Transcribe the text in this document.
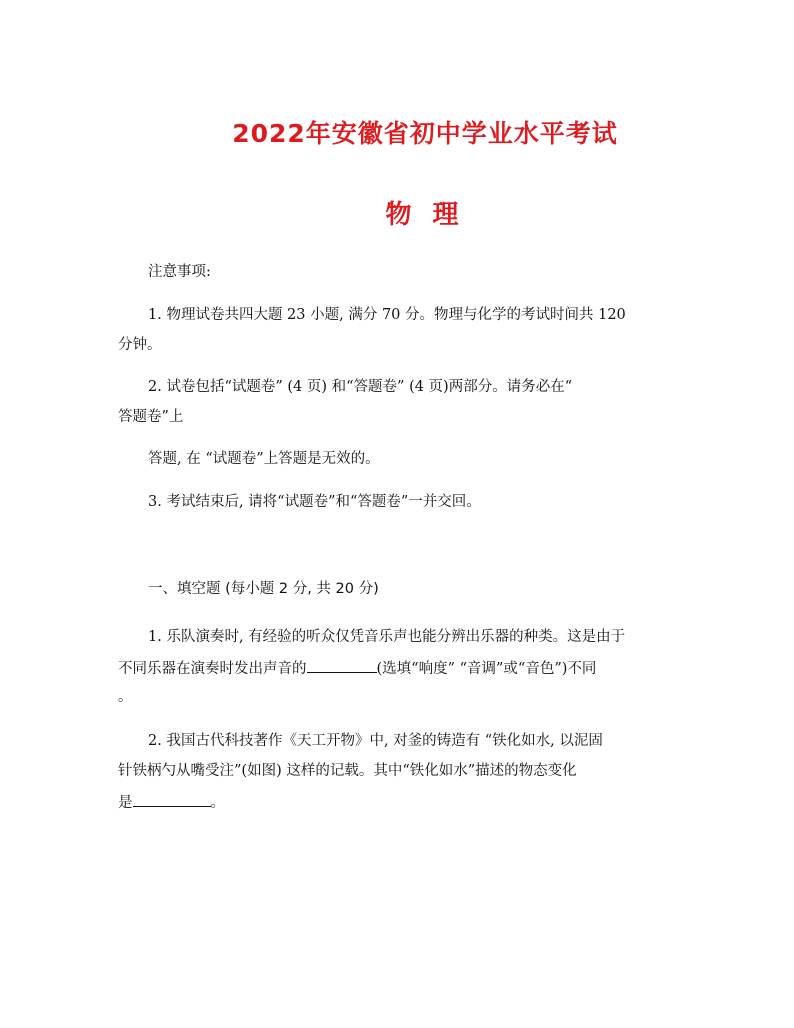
2022年安徽省初中学业水平考试
物 理
注意事项:
1. 物理试卷共四大题 23 小题, 满分 70 分。物理与化学的考试时间共 120
分钟。
2. 试卷包括“试题卷” (4 页) 和“答题卷” (4 页)两部分。请务必在“
答题卷”上
答题, 在 “试题卷”上答题是无效的。
3. 考试结束后, 请将“试题卷”和“答题卷”一并交回。
一、填空题 (每小题 2 分, 共 20 分)
1. 乐队演奏时, 有经验的听众仅凭音乐声也能分辨出乐器的种类。这是由于
不同乐器在演奏时发出声音的	(选填“响度” “音调”或“音色”)不同
。
2. 我国古代科技著作《天工开物》中, 对釜的铸造有 “铁化如水, 以泥固
针铁柄勺从嘴受注”(如图) 这样的记载。其中“铁化如水”描述的物态变化
是	。
